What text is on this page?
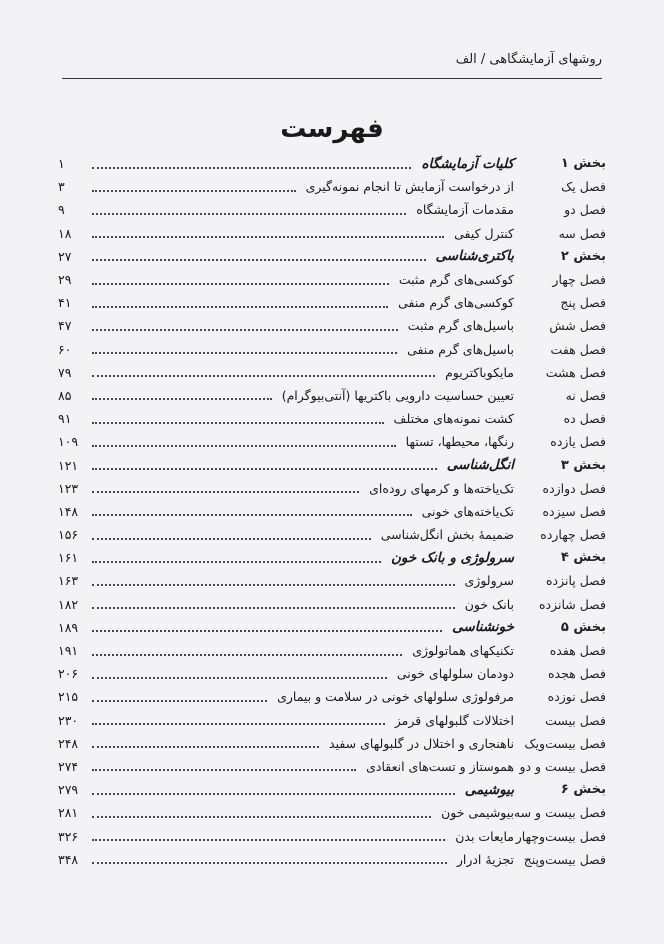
روشهای آزمایشگاهی / الف
فهرست
بخش ۱
کلیات آزمایشگاه
۱
فصل یک
از درخواست آزمایش تا انجام نمونه‌گیری
۳
فصل دو
مقدمات آزمایشگاه
۹
فصل سه
کنترل کیفی
۱۸
بخش ۲
باکتری‌شناسی
۲۷
فصل چهار
کوکسی‌های گرم مثبت
۲۹
فصل پنج
کوکسی‌های گرم منفی
۴۱
فصل شش
باسیل‌های گرم مثبت
۴۷
فصل هفت
باسیل‌های گرم منفی
۶۰
فصل هشت
مایکوباکتریوم
۷۹
فصل نه
تعیین حساسیت دارویی باکتریها (آنتی‌بیوگرام)
۸۵
فصل ده
کشت نمونه‌های مختلف
۹۱
فصل یازده
رنگها، محیطها، تستها
۱۰۹
بخش ۳
انگل‌شناسی
۱۲۱
فصل دوازده
تک‌یاخته‌ها و کرمهای روده‌ای
۱۲۳
فصل سیزده
تک‌یاخته‌های خونی
۱۴۸
فصل چهارده
ضمیمهٔ بخش انگل‌شناسی
۱۵۶
بخش ۴
سرولوژی و بانک خون
۱۶۱
فصل پانزده
سرولوژی
۱۶۳
فصل شانزده
بانک خون
۱۸۲
بخش ۵
خونشناسی
۱۸۹
فصل هفده
تکنیکهای هماتولوژی
۱۹۱
فصل هجده
دودمان سلولهای خونی
۲۰۶
فصل نوزده
مرفولوژی سلولهای خونی در سلامت و بیماری
۲۱۵
فصل بیست
اختلالات گلبولهای قرمز
۲۳۰
فصل بیست‌ویک
ناهنجاری و اختلال در گلبولهای سفید
۲۴۸
فصل بیست و دو
هموستاز و تست‌های انعقادی
۲۷۴
بخش ۶
بیوشیمی
۲۷۹
فصل بیست و سه
بیوشیمی خون
۲۸۱
فصل بیست‌وچهار
مایعات بدن
۳۲۶
فصل بیست‌وپنج
تجزیهٔ ادرار
۳۴۸
